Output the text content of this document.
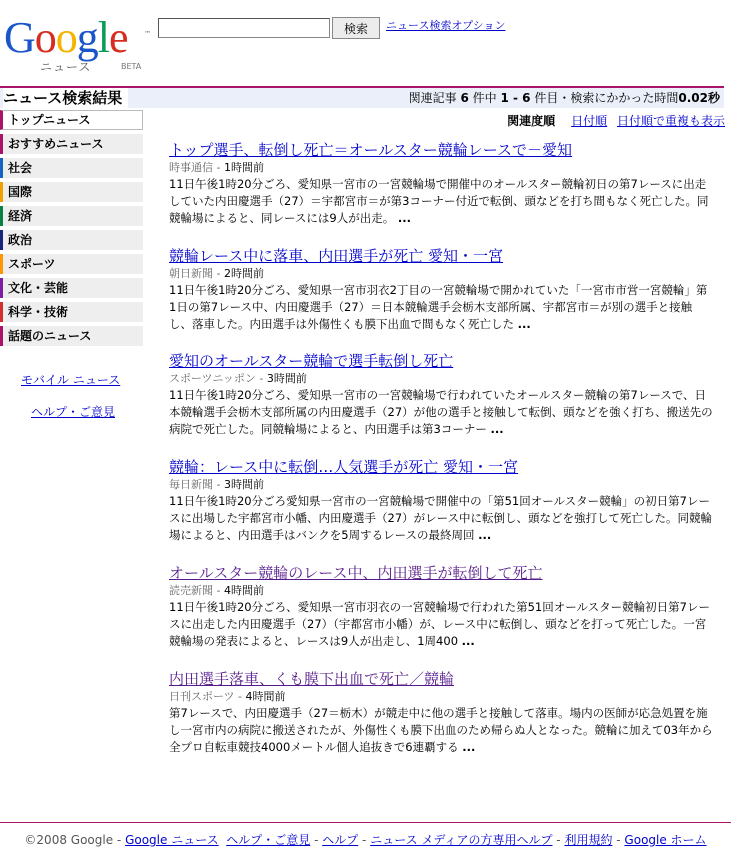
Google ™
ニュース	BETA
検索	ニュース検索オプション
ニュース検索結果	関連記事 6 件中 1 - 6 件目・検索にかかった時間0.02秒
トップニュース
おすすめニュース
社会
国際
経済
政治
スポーツ
文化・芸能
科学・技術
話題のニュース
モバイル ニュース
ヘルプ・ご意見
関連度順 日付順 日付順で重複も表示
トップ選手、転倒し死亡＝オールスター競輪レースで－愛知
時事通信 - 1時間前
11日午後1時20分ごろ、愛知県一宮市の一宮競輪場で開催中のオールスター競輪初日の第7レースに出走していた内田慶選手（27）＝宇都宮市＝が第3コーナー付近で転倒、頭などを打ち間もなく死亡した。同競輪場によると、同レースには9人が出走。 ...
競輪レース中に落車、内田選手が死亡 愛知・一宮
朝日新聞 - 2時間前
11日午後1時20分ごろ、愛知県一宮市羽衣2丁目の一宮競輪場で開かれていた「一宮市市営一宮競輪」第1日の第7レース中、内田慶選手（27）＝日本競輪選手会栃木支部所属、宇都宮市＝が別の選手と接触し、落車した。内田選手は外傷性くも膜下出血で間もなく死亡した ...
愛知のオールスター競輪で選手転倒し死亡
スポーツニッポン - 3時間前
11日午後1時20分ごろ、愛知県一宮市の一宮競輪場で行われていたオールスター競輪の第7レースで、日本競輪選手会栃木支部所属の内田慶選手（27）が他の選手と接触して転倒、頭などを強く打ち、搬送先の病院で死亡した。同競輪場によると、内田選手は第3コーナー ...
競輪：レース中に転倒…人気選手が死亡 愛知・一宮
毎日新聞 - 3時間前
11日午後1時20分ごろ愛知県一宮市の一宮競輪場で開催中の「第51回オールスター競輪」の初日第7レースに出場した宇都宮市小幡、内田慶選手（27）がレース中に転倒し、頭などを強打して死亡した。同競輪場によると、内田選手はバンクを5周するレースの最終周回 ...
オールスター競輪のレース中、内田選手が転倒して死亡
読売新聞 - 4時間前
11日午後1時20分ごろ、愛知県一宮市羽衣の一宮競輪場で行われた第51回オールスター競輪初日第7レースに出走した内田慶選手（27）（宇都宮市小幡）が、レース中に転倒し、頭などを打って死亡した。一宮競輪場の発表によると、レースは9人が出走し、1周400 ...
内田選手落車、くも膜下出血で死亡／競輪
日刊スポーツ - 4時間前
第7レースで、内田慶選手（27＝栃木）が競走中に他の選手と接触して落車。場内の医師が応急処置を施し一宮市内の病院に搬送されたが、外傷性くも膜下出血のため帰らぬ人となった。競輪に加えて03年から全プロ自転車競技4000メートル個人追抜きで6連覇する ...
©2008 Google - Google ニュース ヘルプ・ご意見 - ヘルプ - ニュース メディアの方専用ヘルプ - 利用規約 - Google ホーム
